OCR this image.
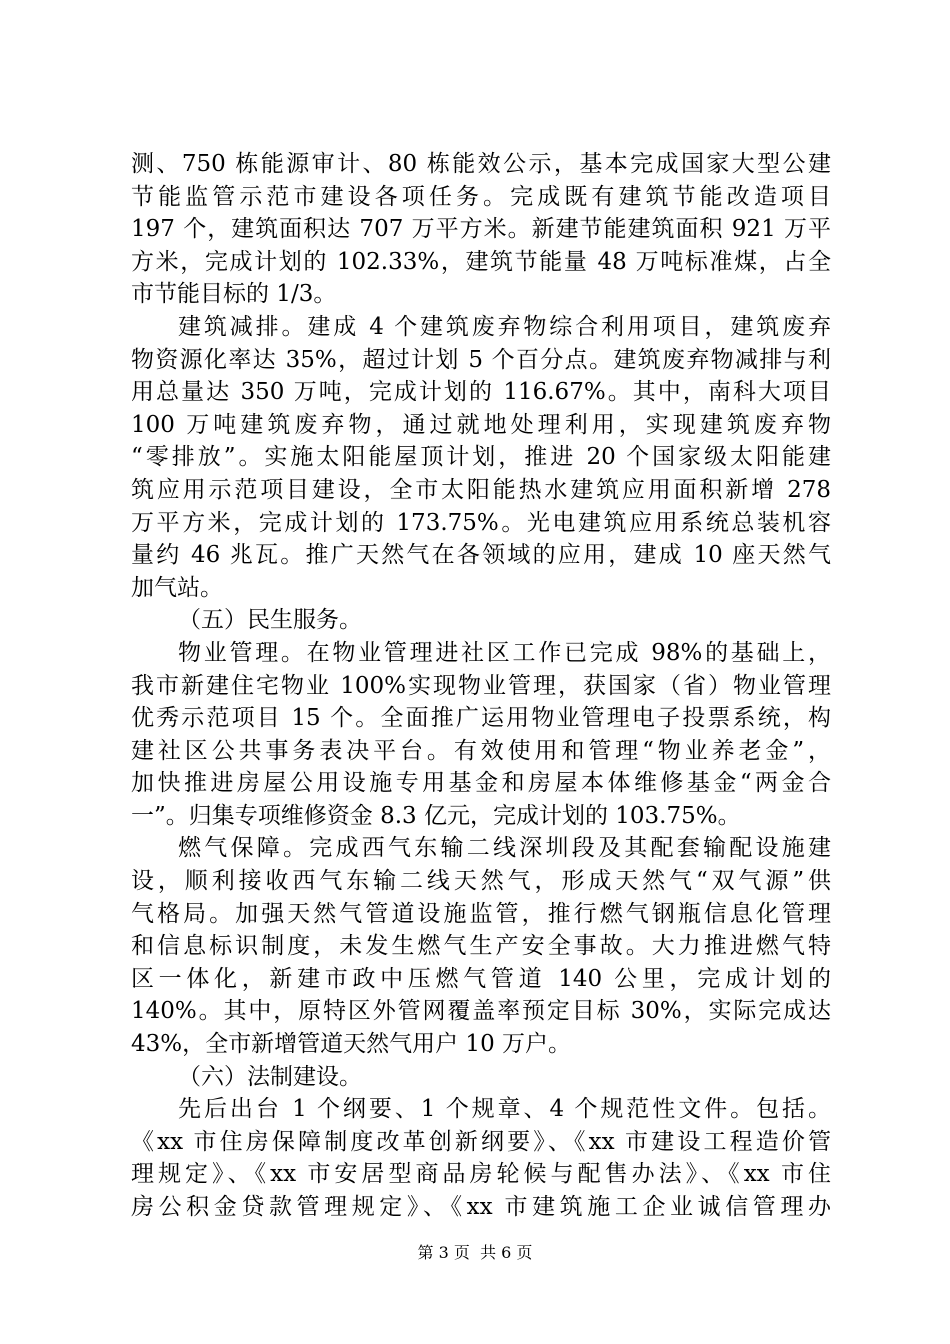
测、750 栋能源审计、80 栋能效公示，基本完成国家大型公建
节能监管示范市建设各项任务。完成既有建筑节能改造项目
197 个，建筑面积达 707 万平方米。新建节能建筑面积 921 万平
方米，完成计划的 102.33%，建筑节能量 48 万吨标准煤，占全
市节能目标的 1/3。
建筑减排。建成 4 个建筑废弃物综合利用项目，建筑废弃
物资源化率达 35%，超过计划 5 个百分点。建筑废弃物减排与利
用总量达 350 万吨，完成计划的 116.67%。其中，南科大项目
100 万吨建筑废弃物，通过就地处理利用，实现建筑废弃物
“零排放”。实施太阳能屋顶计划，推进 20 个国家级太阳能建
筑应用示范项目建设，全市太阳能热水建筑应用面积新增 278
万平方米，完成计划的 173.75%。光电建筑应用系统总装机容
量约 46 兆瓦。推广天然气在各领域的应用，建成 10 座天然气
加气站。
（五）民生服务。
物业管理。在物业管理进社区工作已完成 98%的基础上，
我市新建住宅物业 100%实现物业管理，获国家（省）物业管理
优秀示范项目 15 个。全面推广运用物业管理电子投票系统，构
建社区公共事务表决平台。有效使用和管理“物业养老金”，
加快推进房屋公用设施专用基金和房屋本体维修基金“两金合
一”。归集专项维修资金 8.3 亿元，完成计划的 103.75%。
燃气保障。完成西气东输二线深圳段及其配套输配设施建
设，顺利接收西气东输二线天然气，形成天然气“双气源”供
气格局。加强天然气管道设施监管，推行燃气钢瓶信息化管理
和信息标识制度，未发生燃气生产安全事故。大力推进燃气特
区一体化，新建市政中压燃气管道 140 公里，完成计划的
140%。其中，原特区外管网覆盖率预定目标 30%，实际完成达
43%，全市新增管道天然气用户 10 万户。
（六）法制建设。
先后出台 1 个纲要、1 个规章、4 个规范性文件。包括。
《xx 市住房保障制度改革创新纲要》、《xx 市建设工程造价管
理规定》、《xx 市安居型商品房轮候与配售办法》、《xx 市住
房公积金贷款管理规定》、《xx 市建筑施工企业诚信管理办
第 3 页 共 6 页
